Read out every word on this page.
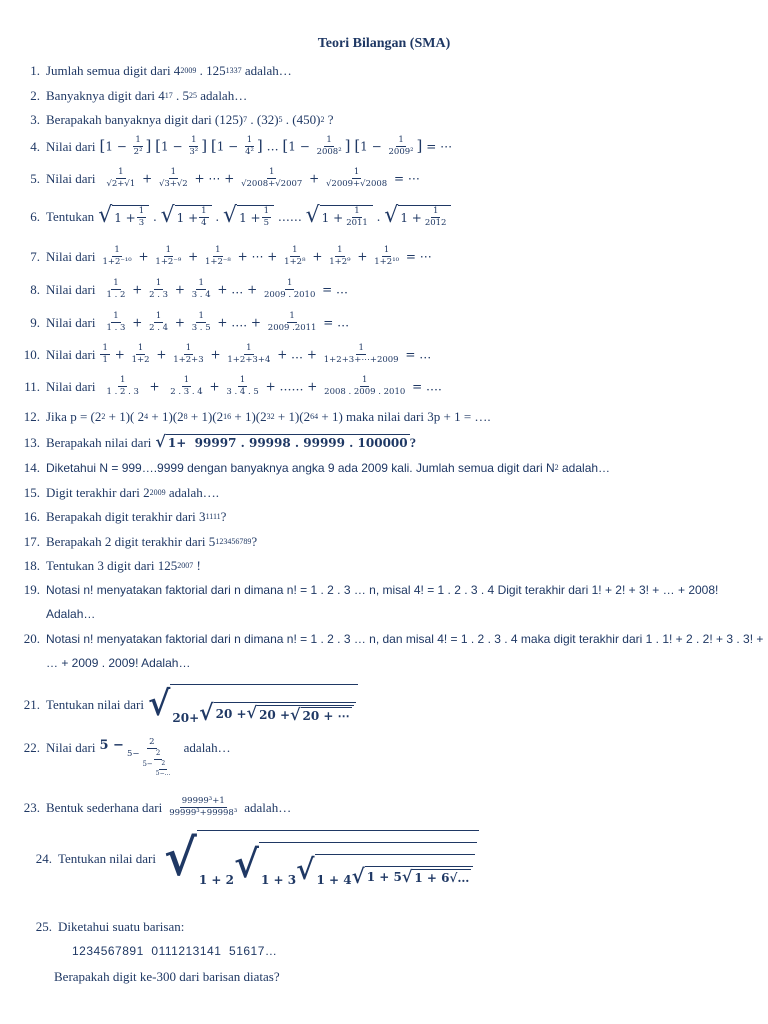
Teori Bilangan (SMA)
1. Jumlah semua digit dari 4 2009 . 125 1337 adalah…
2. Banyaknya digit dari 4 17 . 5 25 adalah…
3. Berapakah banyaknya digit dari (125) 7 . (32) 5 . (450) 2 ?
4. Nilai dari [$1 - \frac{1}{\text{2²}}$ ] [$1 - \frac{1}{\text{3²}}$ ] [$1 - \frac{1}{\text{4²}}$ ] … [$1 - \frac{1}{\text{2008²}}$ ] [$1 - \frac{1}{\text{2009²}}$ ] = ⋯
5. Nilai dari $\frac{1}{√2+√1} + \frac{1}{√3+√2}$ + ⋯ + $\frac{1}{√2008+√2007} + \frac{1}{√2009+√2008}$ = ⋯
6. Tentukan √ $1 + \frac{1}{3}$ . √ $1 + \frac{1}{4}$ . √ $1 + \frac{1}{5}$ …… √ $1 + \frac{1}{2011}$ . √ $1 + \frac{1}{2012}$
7. Nilai dari $\frac{1}{\text{1+2⁻¹⁰}} + \frac{1}{\text{1+2⁻⁹}} + \frac{1}{\text{1+2⁻⁸}}$ + ⋯ + $\frac{1}{\text{1+2⁸}} + \frac{1}{\text{1+2⁹}} + \frac{1}{\text{1+2¹⁰}}$ = ⋯
8. Nilai dari $\frac{1}{1 . 2} + \frac{1}{2 . 3} + \frac{1}{3 . 4}$ + … + $\frac{1}{2009 . 2010}$ = …
9. Nilai dari $\frac{1}{1 . 3} + \frac{1}{2 . 4} + \frac{1}{3 . 5}$ + …. + $\frac{1}{2009 .2011}$ = …
10. Nilai dari $\frac{1}{1} + \frac{1}{1+2} + \frac{1}{1+2+3} + \frac{1}{1+2+3+4}$ + … + $\frac{1}{1+2+3+\cdots+2009}$ = …
11. Nilai dari $\frac{1}{1 . 2 . 3} + \frac{1}{2 . 3 . 4} + \frac{1}{3 . 4 . 5}$ + …… + $\frac{1}{2008 . 2009 . 2010}$ = ….
12. Jika p = (2 2 + 1)( 2 4 + 1)(2 8 + 1)(2 16 + 1)(2 32 + 1)(2 64 + 1) maka nilai dari 3p + 1 = ….
13. Berapakah nilai dari √ 1+  99997 . 99998 . 99999 . 100000 ?
14. Diketahui N = 999….9999 dengan banyaknya angka 9 ada 2009 kali. Jumlah semua digit dari N 2 adalah…
15. Digit terakhir dari 2 2009 adalah….
16. Berapakah digit terakhir dari 3 1111 ?
17. Berapakah 2 digit terakhir dari 5 123456789 ?
18. Tentukan 3 digit dari 125 2007 !
19. Notasi n! menyatakan faktorial dari n dimana n! = 1 . 2 . 3 … n, misal 4! = 1 . 2 . 3 . 4 Digit terakhir dari 1! + 2! + 3! + … + 2008! Adalah…
20. Notasi n! menyatakan faktorial dari n dimana n! = 1 . 2 . 3 … n, dan misal 4! = 1 . 2 . 3 . 4 maka digit terakhir dari 1 . 1! + 2 . 2! + 3 . 3! + … + 2009 . 2009! Adalah…
21. Tentukan nilai dari √ 20+ √ 20 + √ 20 + √ 20 + ⋯
22. Nilai dari $5 - \frac{2}{5- \frac{2}{5- \frac{2}{5-\dots}}}$ adalah…
23. Bentuk sederhana dari $\frac{\text{99999³+1}}{\text{99999³+99998³}}$ adalah…
24. Tentukan nilai dari √ 1 + 2 √ 1 + 3 √ 1 + 4 √ 1 + 5 √ 1 + 6√…
25. Diketahui suatu barisan:
1234567891  0111213141  51617…
Berapakah digit ke-300 dari barisan diatas?
